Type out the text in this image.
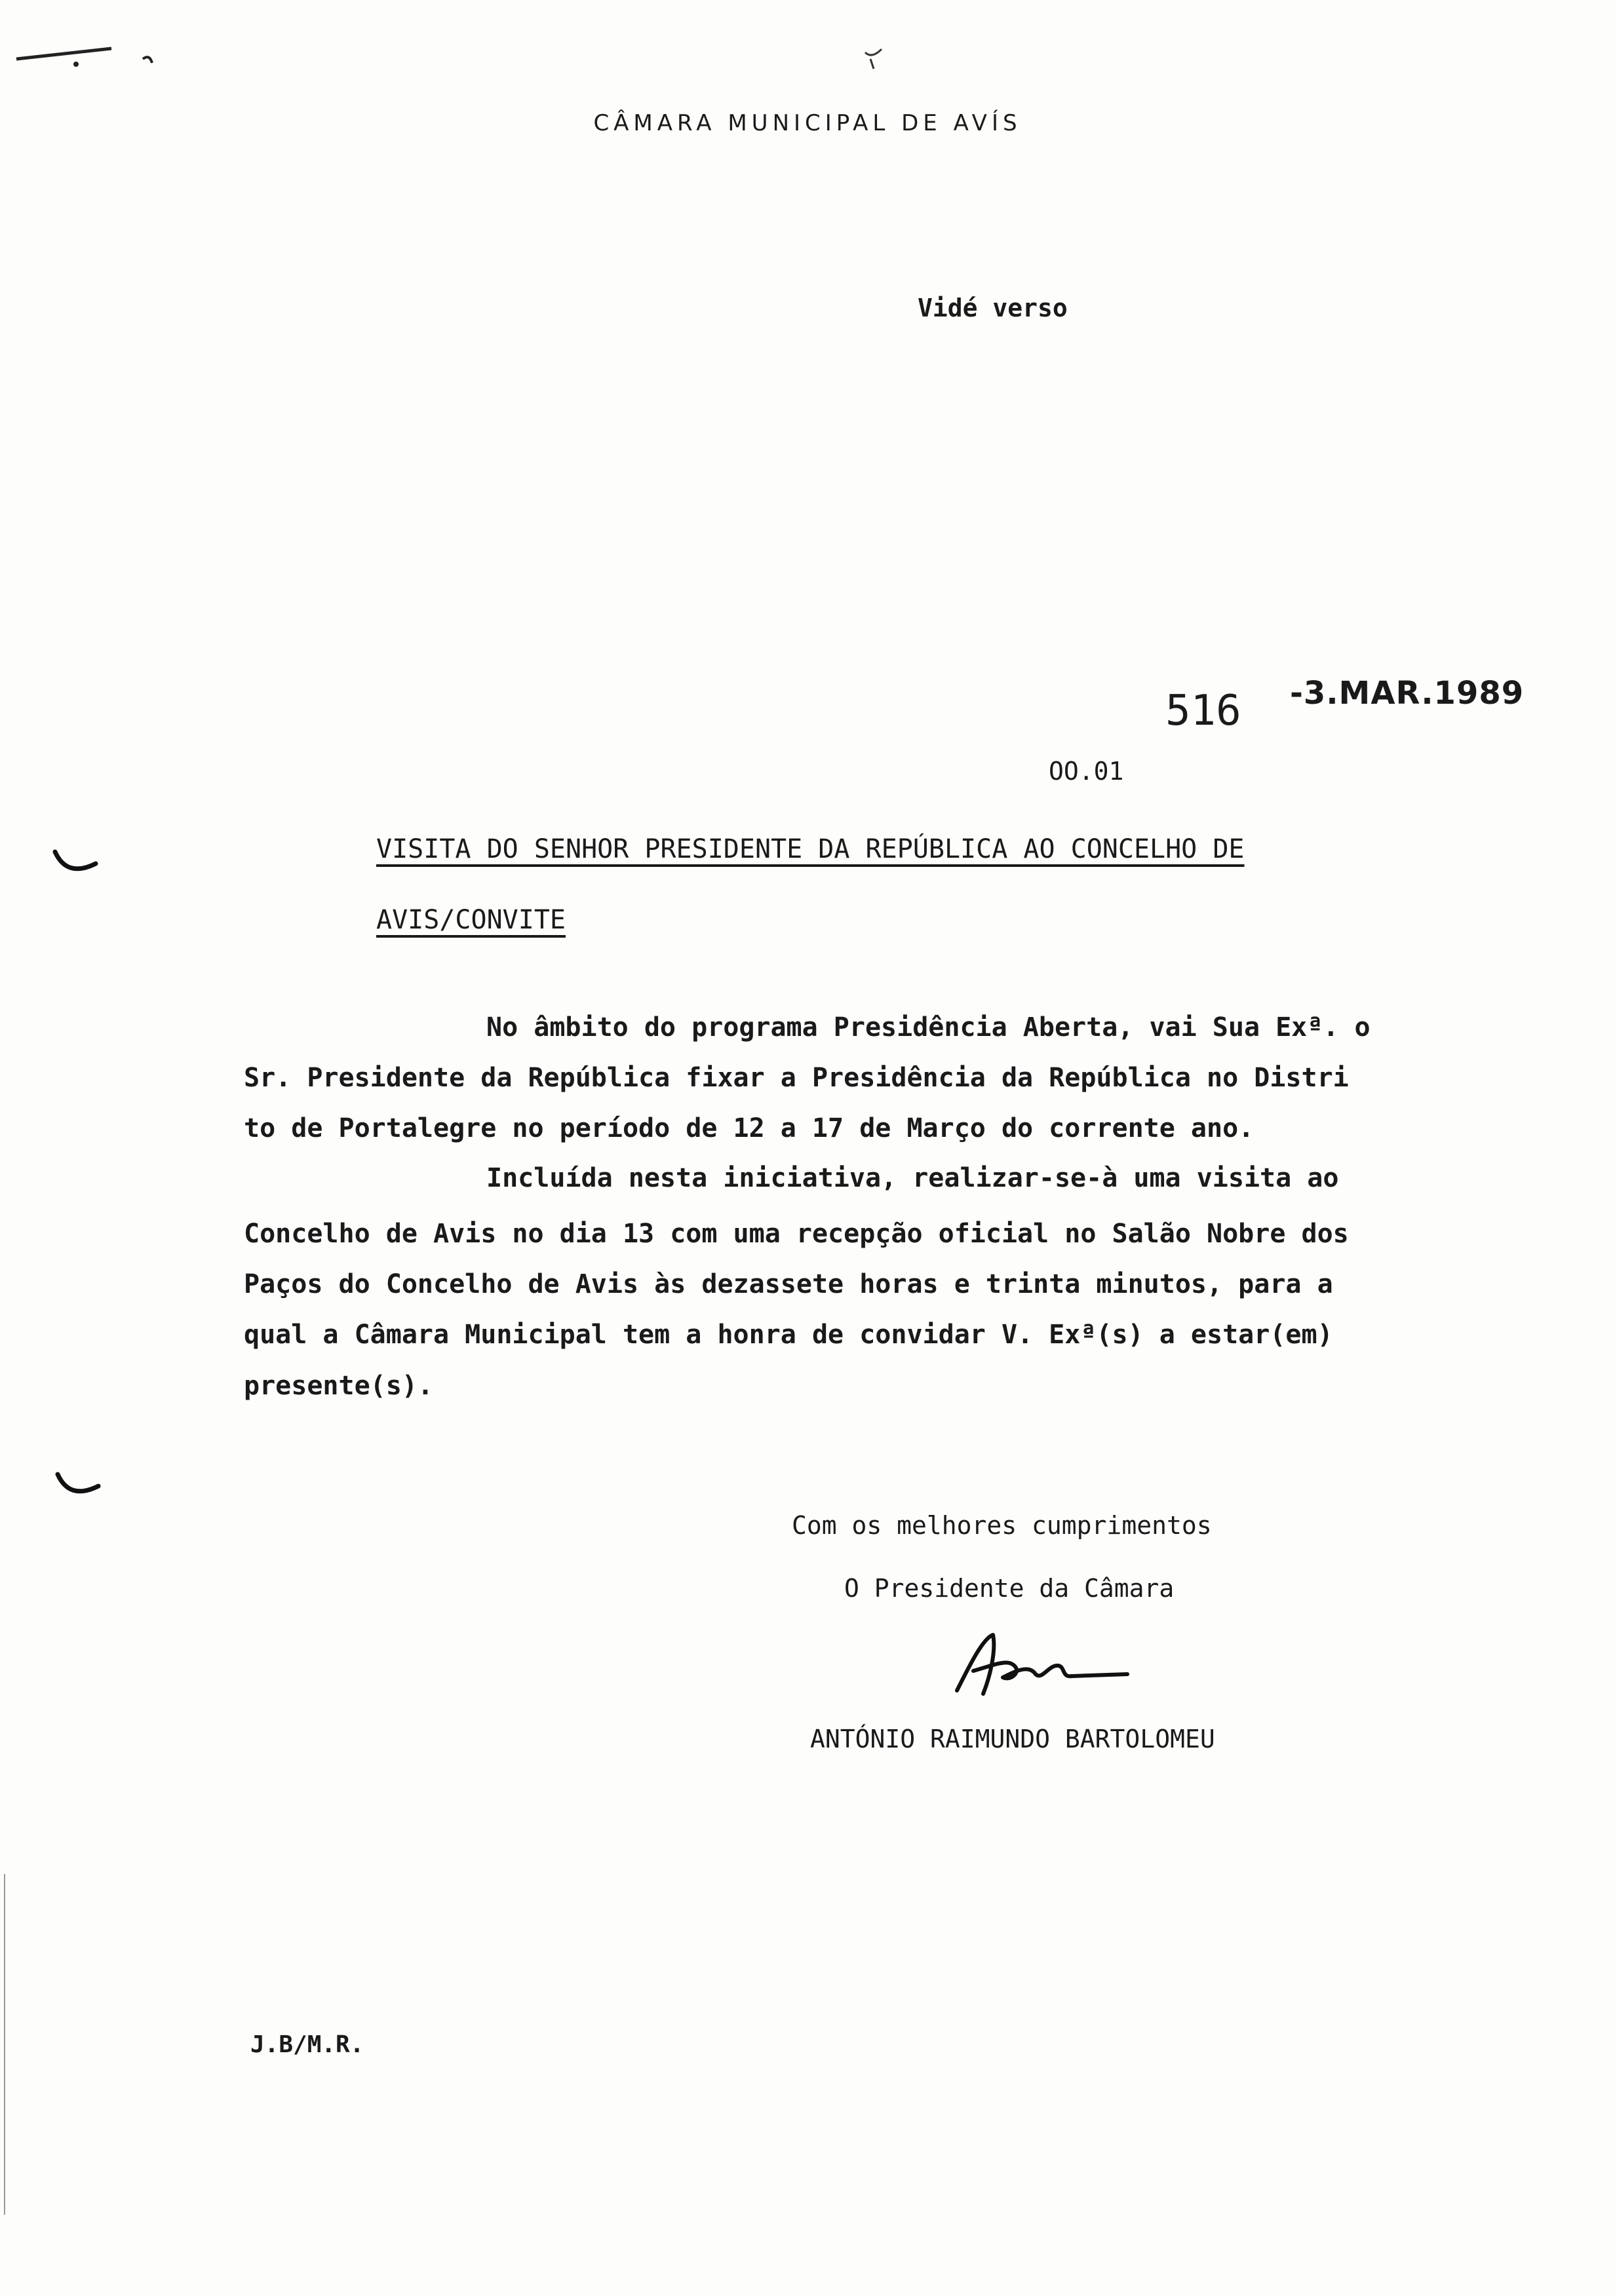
CÂMARA MUNICIPAL DE AVÍS
Vidé verso
516 -3.MAR.1989
OO.01
VISITA DO SENHOR PRESIDENTE DA REPÚBLICA AO CONCELHO DE
AVIS/CONVITE
No âmbito do programa Presidência Aberta, vai Sua Exª. o
Sr. Presidente da República fixar a Presidência da República no Distri
to de Portalegre no período de 12 a 17 de Março do corrente ano.
Incluída nesta iniciativa, realizar-se-à uma visita ao
Concelho de Avis no dia 13 com uma recepção oficial no Salão Nobre dos
Paços do Concelho de Avis às dezassete horas e trinta minutos, para a
qual a Câmara Municipal tem a honra de convidar V. Exª(s) a estar(em)
presente(s).
Com os melhores cumprimentos
O Presidente da Câmara
ANTÓNIO RAIMUNDO BARTOLOMEU
J.B/M.R.
